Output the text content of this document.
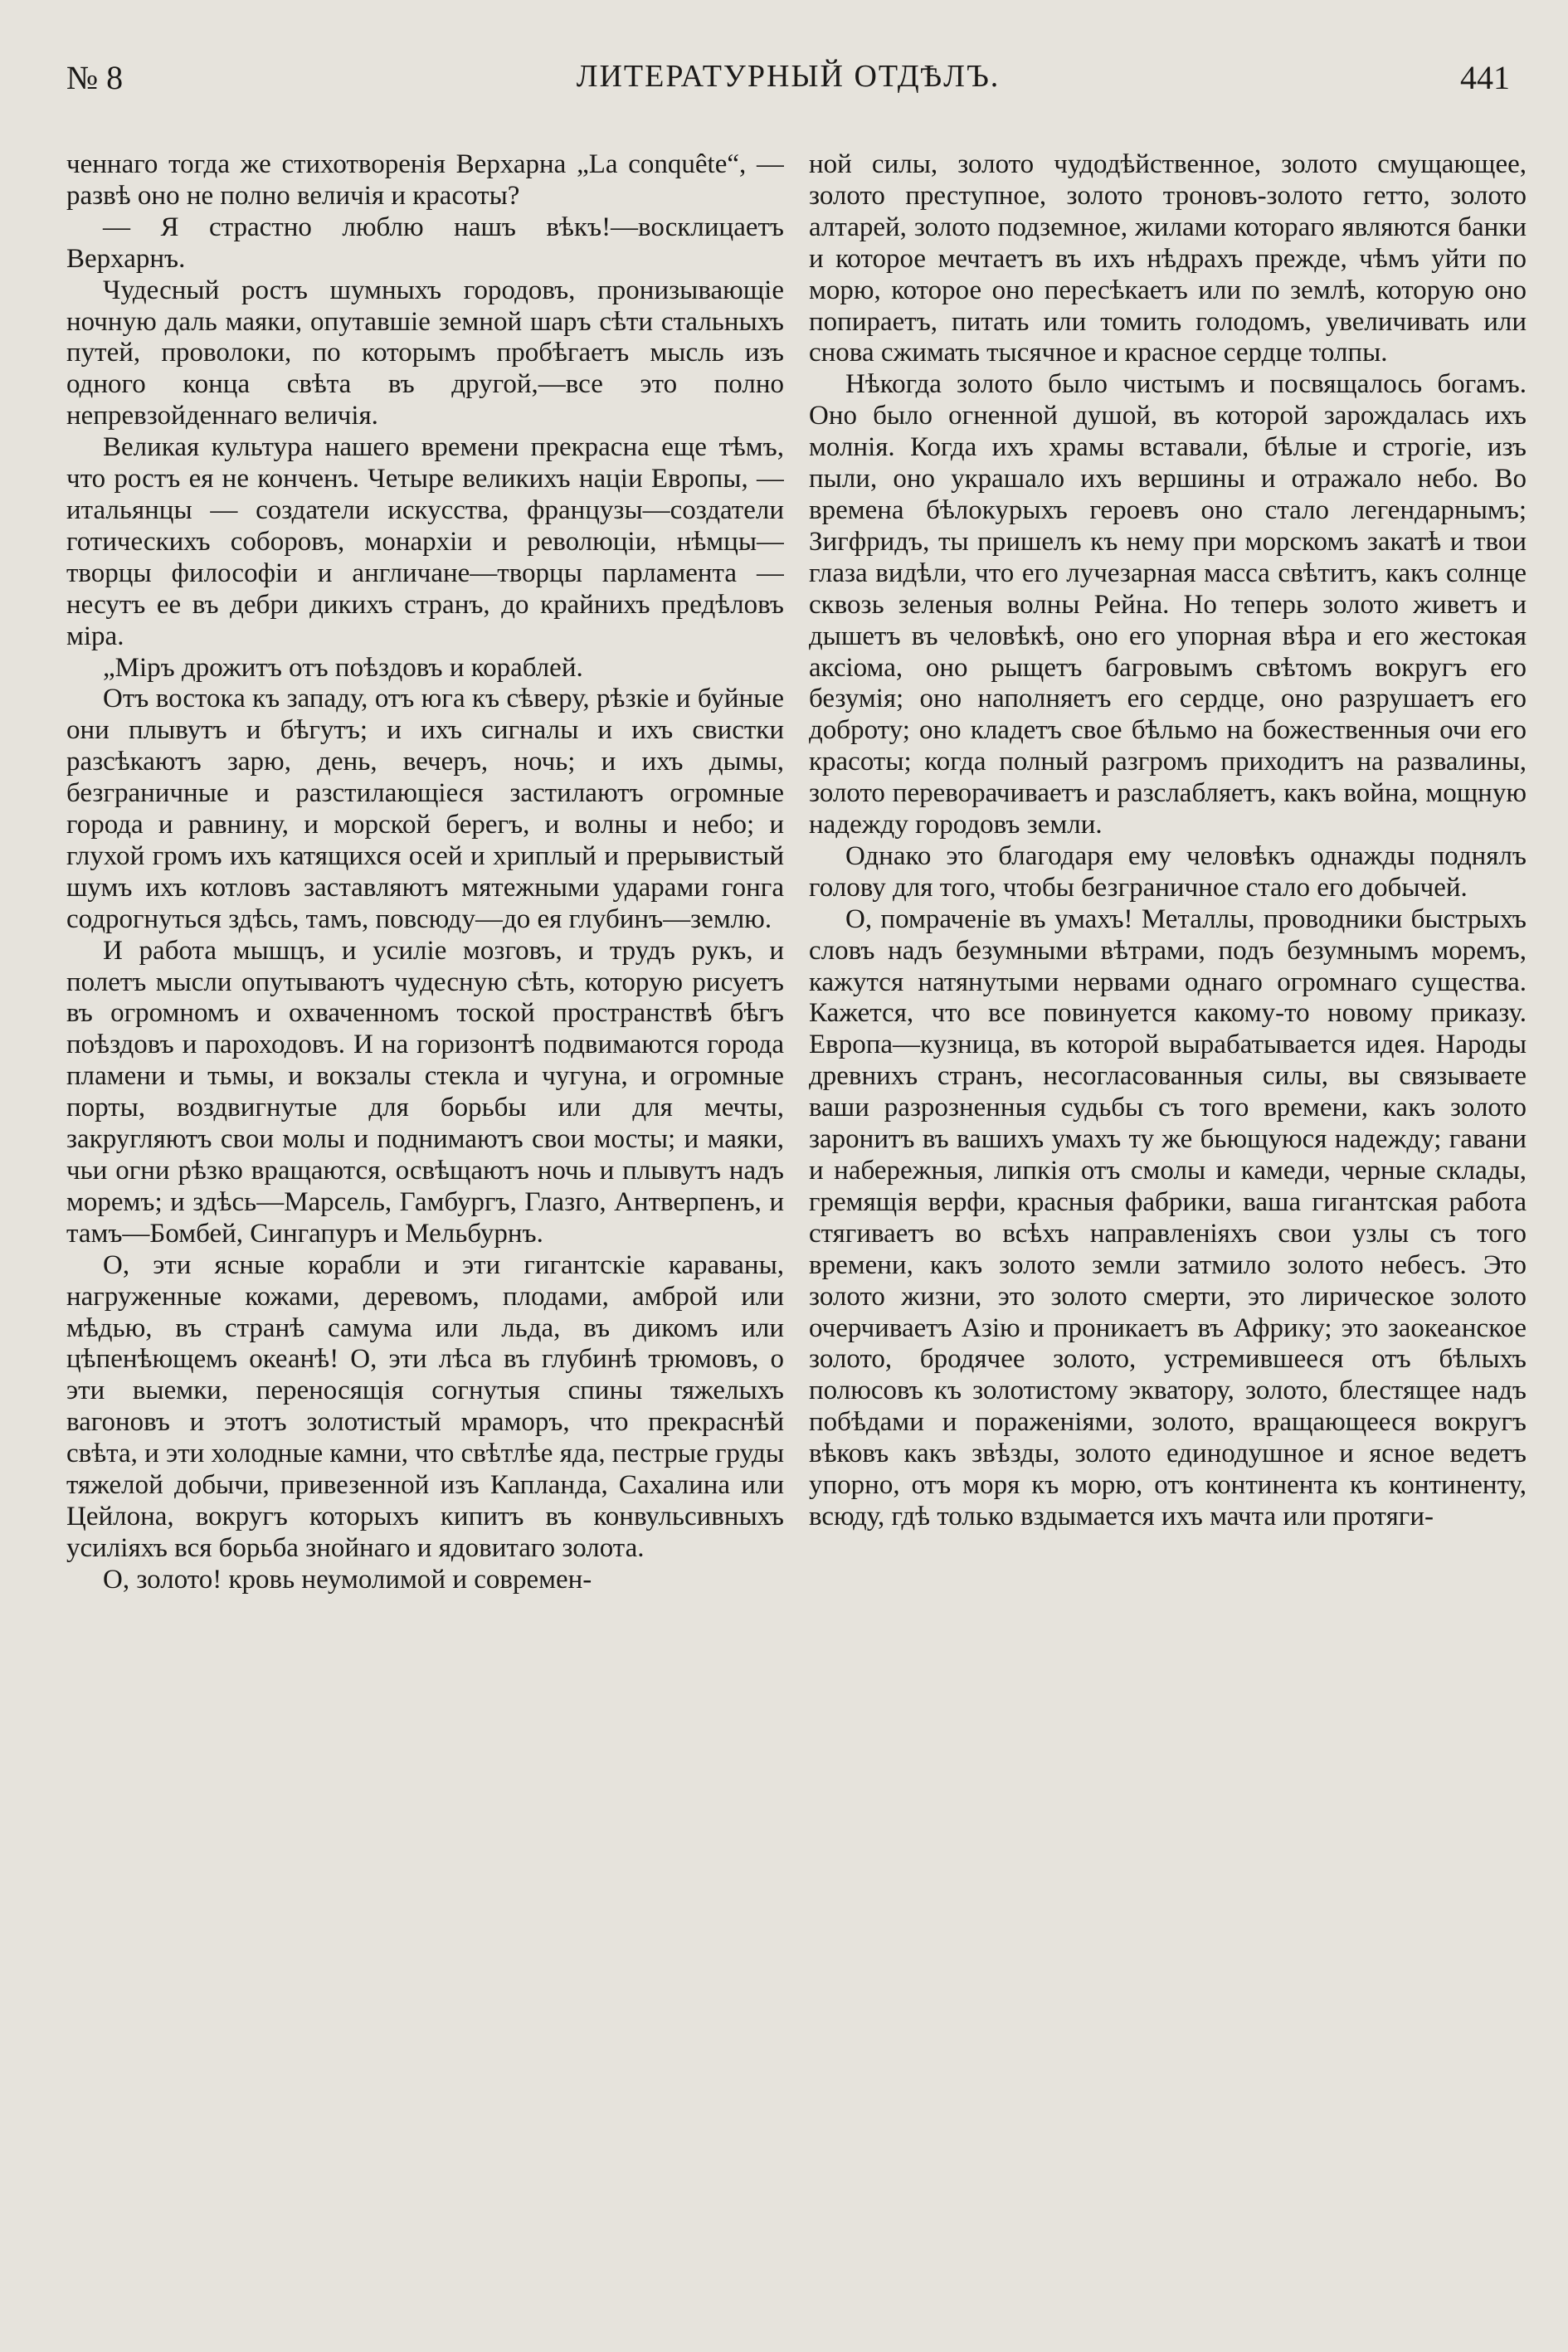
№ 8	ЛИТЕРАТУРНЫЙ ОТДѢЛЪ.	441

ченнаго тогда же стихотворенія Верхарна „La conquête“, — развѣ оно не полно величія и красоты?

— Я страстно люблю нашъ вѣкъ!—восклицаетъ Верхарнъ.

Чудесный ростъ шумныхъ городовъ, пронизывающіе ночную даль маяки, опутавшіе земной шаръ сѣти стальныхъ путей, проволоки, по которымъ пробѣгаетъ мысль изъ одного конца свѣта въ другой,—все это полно непревзойденнаго величія.

Великая культура нашего времени прекрасна еще тѣмъ, что ростъ ея не конченъ. Четыре великихъ націи Европы, — итальянцы — создатели искусства, французы—создатели готическихъ соборовъ, монархіи и революціи, нѣмцы—творцы философіи и англичане—творцы парламента — несутъ ее въ дебри дикихъ странъ, до крайнихъ предѣловъ міра.

„Міръ дрожитъ отъ поѣздовъ и кораблей.

Отъ востока къ западу, отъ юга къ сѣверу, рѣзкіе и буйные они плывутъ и бѣгутъ; и ихъ сигналы и ихъ свистки разсѣкаютъ зарю, день, вечеръ, ночь; и ихъ дымы, безграничные и разстилающіеся застилаютъ огромные города и равнину, и морской берегъ, и волны и небо; и глухой громъ ихъ катящихся осей и хриплый и прерывистый шумъ ихъ котловъ заставляютъ мятежными ударами гонга содрогнуться здѣсь, тамъ, повсюду—до ея глубинъ—землю.

И работа мышцъ, и усиліе мозговъ, и трудъ рукъ, и полетъ мысли опутываютъ чудесную сѣть, которую рисуетъ въ огромномъ и охваченномъ тоской пространствѣ бѣгъ поѣздовъ и пароходовъ. И на горизонтѣ подвимаются города пламени и тьмы, и вокзалы стекла и чугуна, и огромные порты, воздвигнутые для борьбы или для мечты, закругляютъ свои молы и поднимаютъ свои мосты; и маяки, чьи огни рѣзко вращаются, освѣщаютъ ночь и плывутъ надъ моремъ; и здѣсь—Марсель, Гамбургъ, Глазго, Антверпенъ, и тамъ—Бомбей, Сингапуръ и Мельбурнъ.

О, эти ясные корабли и эти гигантскіе караваны, нагруженные кожами, деревомъ, плодами, амброй или мѣдью, въ странѣ самума или льда, въ дикомъ или цѣпенѣющемъ океанѣ! О, эти лѣса въ глубинѣ трюмовъ, о эти выемки, переносящія согнутыя спины тяжелыхъ вагоновъ и этотъ золотистый мраморъ, что прекраснѣй свѣта, и эти холодные камни, что свѣтлѣе яда, пестрые груды тяжелой добычи, привезенной изъ Капланда, Сахалина или Цейлона, вокругъ которыхъ кипитъ въ конвульсивныхъ усиліяхъ вся борьба знойнаго и ядовитаго золота.

О, золото! кровь неумолимой и современ-

ной силы, золото чудодѣйственное, золото смущающее, золото преступное, золото троновъ-золото гетто, золото алтарей, золото подземное, жилами котораго являются банки и которое мечтаетъ въ ихъ нѣдрахъ прежде, чѣмъ уйти по морю, которое оно пересѣкаетъ или по землѣ, которую оно попираетъ, питать или томить голодомъ, увеличивать или снова сжимать тысячное и красное сердце толпы.

Нѣкогда золото было чистымъ и посвящалось богамъ. Оно было огненной душой, въ которой зарождалась ихъ молнія. Когда ихъ храмы вставали, бѣлые и строгіе, изъ пыли, оно украшало ихъ вершины и отражало небо. Во времена бѣлокурыхъ героевъ оно стало легендарнымъ; Зигфридъ, ты пришелъ къ нему при морскомъ закатѣ и твои глаза видѣли, что его лучезарная масса свѣтитъ, какъ солнце сквозь зеленыя волны Рейна. Но теперь золото живетъ и дышетъ въ человѣкѣ, оно его упорная вѣра и его жестокая аксіома, оно рыщетъ багровымъ свѣтомъ вокругъ его безумія; оно наполняетъ его сердце, оно разрушаетъ его доброту; оно кладетъ свое бѣльмо на божественныя очи его красоты; когда полный разгромъ приходитъ на развалины, золото переворачиваетъ и разслабляетъ, какъ война, мощную надежду городовъ земли.

Однако это благодаря ему человѣкъ однажды поднялъ голову для того, чтобы безграничное стало его добычей.

О, помраченіе въ умахъ! Металлы, проводники быстрыхъ словъ надъ безумными вѣтрами, подъ безумнымъ моремъ, кажутся натянутыми нервами однаго огромнаго существа. Кажется, что все повинуется какому-то новому приказу. Европа—кузница, въ которой вырабатывается идея. Народы древнихъ странъ, несогласованныя силы, вы связываете ваши разрозненныя судьбы съ того времени, какъ золото заронитъ въ вашихъ умахъ ту же бьющуюся надежду; гавани и набережныя, липкія отъ смолы и камеди, черные склады, гремящія верфи, красныя фабрики, ваша гигантская работа стягиваетъ во всѣхъ направленіяхъ свои узлы съ того времени, какъ золото земли затмило золото небесъ. Это золото жизни, это золото смерти, это лирическое золото очерчиваетъ Азію и проникаетъ въ Африку; это заокеанское золото, бродячее золото, устремившееся отъ бѣлыхъ полюсовъ къ золотистому экватору, золото, блестящее надъ побѣдами и пораженіями, золото, вращающееся вокругъ вѣковъ какъ звѣзды, золото единодушное и ясное ведетъ упорно, отъ моря къ морю, отъ континента къ континенту, всюду, гдѣ только вздымается ихъ мачта или протяги-
